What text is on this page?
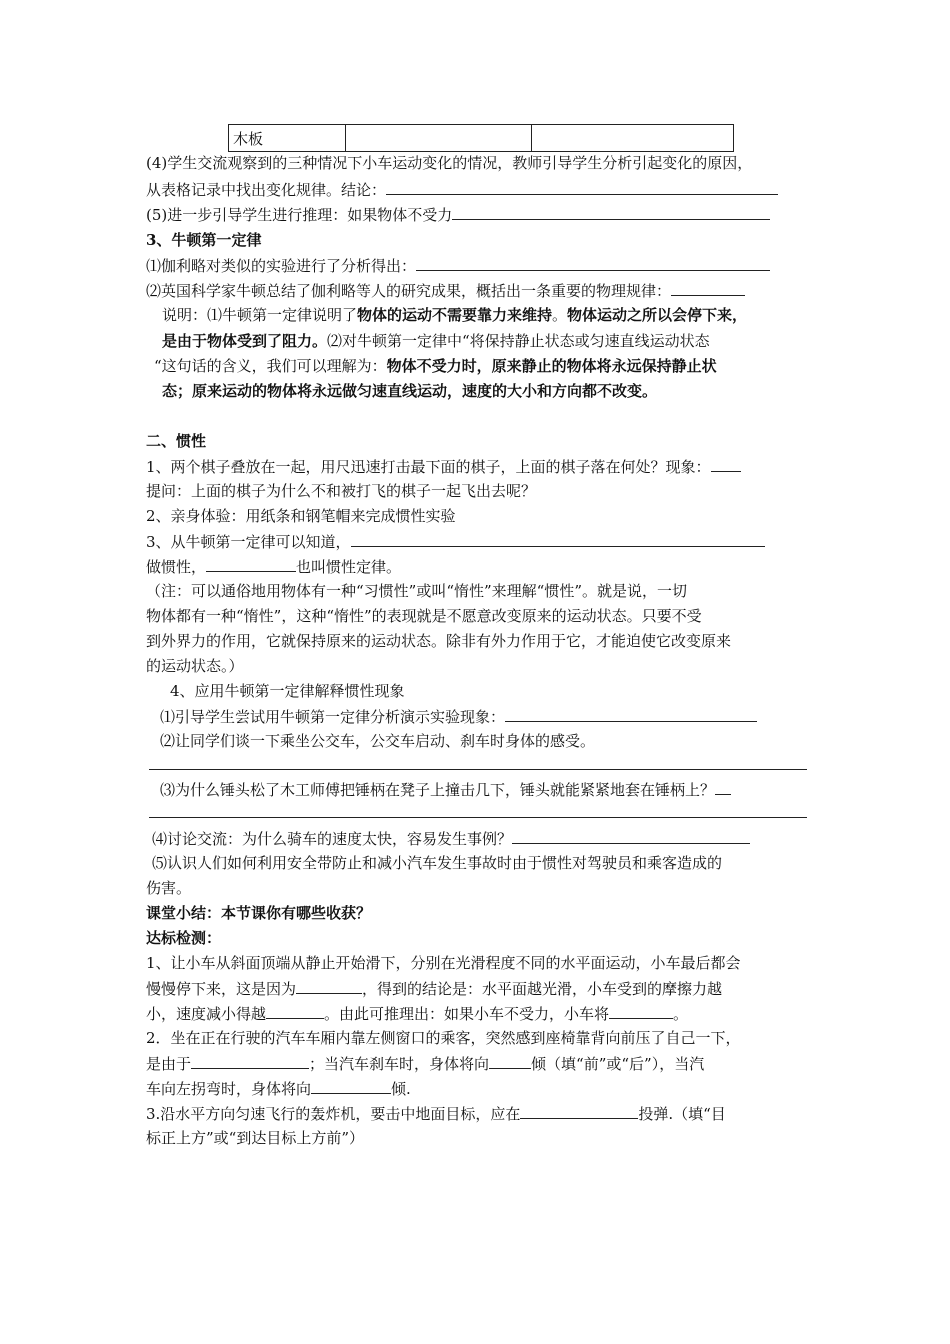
木板		
(4)学生交流观察到的三种情况下小车运动变化的情况，教师引导学生分析引起变化的原因，
从表格记录中找出变化规律。结论：
(5)进一步引导学生进行推理：如果物体不受力
3、牛顿第一定律
⑴伽利略对类似的实验进行了分析得出：
⑵英国科学家牛顿总结了伽利略等人的研究成果，概括出一条重要的物理规律：
说明：⑴牛顿第一定律说明了物体的运动不需要靠力来维持。物体运动之所以会停下来，
是由于物体受到了阻力。⑵对牛顿第一定律中“将保持静止状态或匀速直线运动状态
“这句话的含义，我们可以理解为：物体不受力时，原来静止的物体将永远保持静止状
态；原来运动的物体将永远做匀速直线运动，速度的大小和方向都不改变。
二、惯性
1、两个棋子叠放在一起，用尺迅速打击最下面的棋子，上面的棋子落在何处？现象：
提问：上面的棋子为什么不和被打飞的棋子一起飞出去呢？
2、亲身体验：用纸条和钢笔帽来完成惯性实验
3、从牛顿第一定律可以知道，
做惯性，	也叫惯性定律。
（注：可以通俗地用物体有一种“习惯性”或叫“惰性”来理解“惯性”。就是说，一切
物体都有一种“惰性”，这种“惰性”的表现就是不愿意改变原来的运动状态。只要不受
到外界力的作用，它就保持原来的运动状态。除非有外力作用于它，才能迫使它改变原来
的运动状态。）
4、应用牛顿第一定律解释惯性现象
⑴引导学生尝试用牛顿第一定律分析演示实验现象：
⑵让同学们谈一下乘坐公交车，公交车启动、刹车时身体的感受。
⑶为什么锤头松了木工师傅把锤柄在凳子上撞击几下，锤头就能紧紧地套在锤柄上？
⑷讨论交流：为什么骑车的速度太快，容易发生事例？
⑸认识人们如何利用安全带防止和减小汽车发生事故时由于惯性对驾驶员和乘客造成的
伤害。
课堂小结：本节课你有哪些收获？
达标检测：
1、让小车从斜面顶端从静止开始滑下，分别在光滑程度不同的水平面运动，小车最后都会
慢慢停下来，这是因为	，得到的结论是：水平面越光滑，小车受到的摩擦力越
小，速度减小得越	。由此可推理出：如果小车不受力，小车将	。
2．坐在正在行驶的汽车车厢内靠左侧窗口的乘客，突然感到座椅靠背向前压了自己一下，
是由于	；当汽车刹车时，身体将向	倾（填“前”或“后”），当汽
车向左拐弯时，身体将向	倾.
3.沿水平方向匀速飞行的轰炸机，要击中地面目标，应在	投弹.（填“目
标正上方”或“到达目标上方前”）
